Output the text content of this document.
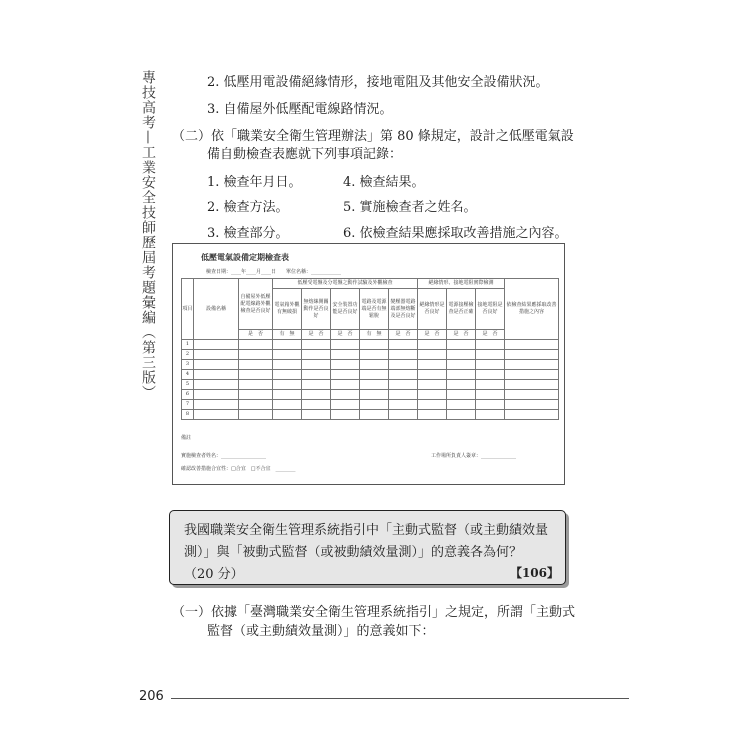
專技高考—工業安全技師歷屆考題彙編（第三版）	2. 低壓用電設備絕緣情形，接地電阻及其他安全設備狀況。
3. 自備屋外低壓配電線路情況。
（二）依「職業安全衛生管理辦法」第 80 條規定，設計之低壓電氣設
備自動檢查表應就下列事項記錄：
1. 檢查年月日。	4. 檢查結果。
2. 檢查方法。	5. 實施檢查者之姓名。
3. 檢查部分。	6. 依檢查結果應採取改善措施之內容。
低壓電氣設備定期檢查表
檢查日期：____年____月____日　　單位名稱：____________
項目	設備名稱	自備屋外低壓配電線路外觀檢查是否良好	低壓受電盤及分電盤之動作試驗及外觀檢查					絕緣情形、接地電阻實際檢測			依檢查結果應採取改善措施之內容
			電氣箱外觀有無破損	無熔絲開關動作是否良好	安全裝置功能是否良好	電路及電源端是否有無鬆脫	變壓器電路端部無熔斷及是否良好	絕緣情形是否良好	電源接壓檢查是否正確	接地電阻是否良好	
		是　 否	有　 無	是　 否	是　 否	有　 無	是　 否	是　 否	是　 否	是　 否	
1											
2											
3											
4											
5											
6											
7											
8											
備註
實施檢查者姓名：__________________	工作場所負責人簽章：______________
確認改善措施合宜性：□合宜　□不合宜　________
我國職業安全衛生管理系統指引中「主動式監督（或主動績效量
測）」與「被動式監督（或被動績效量測）」的意義各為何？
（20 分）	【106】
（一）依據「臺灣職業安全衛生管理系統指引」之規定，所謂「主動式
監督（或主動績效量測）」的意義如下：
206
